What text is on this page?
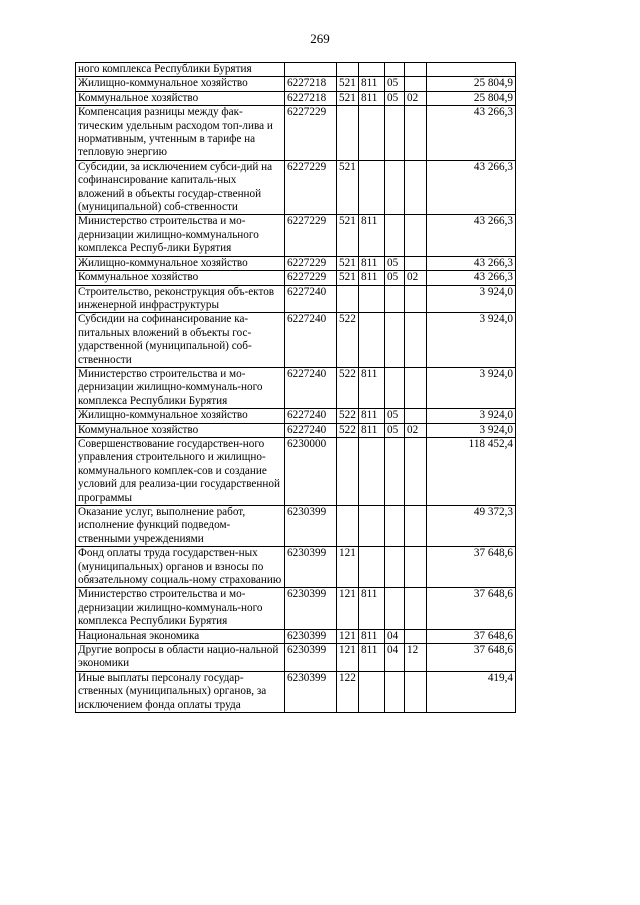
269
ного комплекса Республики Бурятия						
Жилищно-коммунальное хозяйство	6227218	521	811	05		25 804,9
Коммунальное хозяйство	6227218	521	811	05	02	25 804,9
Компенсация разницы между фак-тическим удельным расходом топ-лива и нормативным, учтенным в тарифе на тепловую энергию	6227229					43 266,3
Субсидии, за исключением субси-дий на софинансирование капиталь-ных вложений в объекты государ-ственной (муниципальной) соб-ственности	6227229	521				43 266,3
Министерство строительства и мо-дернизации жилищно-коммунального комплекса Респуб-лики Бурятия	6227229	521	811			43 266,3
Жилищно-коммунальное хозяйство	6227229	521	811	05		43 266,3
Коммунальное хозяйство	6227229	521	811	05	02	43 266,3
Строительство, реконструкция объ-ектов инженерной инфраструктуры	6227240					3 924,0
Субсидии на софинансирование ка-питальных вложений в объекты гос-ударственной (муниципальной) соб-ственности	6227240	522				3 924,0
Министерство строительства и мо-дернизации жилищно-коммуналь-ного комплекса Республики Бурятия	6227240	522	811			3 924,0
Жилищно-коммунальное хозяйство	6227240	522	811	05		3 924,0
Коммунальное хозяйство	6227240	522	811	05	02	3 924,0
Совершенствование государствен-ного управления строительного и жилищно-коммунального комплек-сов и создание условий для реализа-ции государственной программы	6230000					118 452,4
Оказание услуг, выполнение работ, исполнение функций подведом-ственными учреждениями	6230399					49 372,3
Фонд оплаты труда государствен-ных (муниципальных) органов и взносы по обязательному социаль-ному страхованию	6230399	121				37 648,6
Министерство строительства и мо-дернизации жилищно-коммуналь-ного комплекса Республики Бурятия	6230399	121	811			37 648,6
Национальная экономика	6230399	121	811	04		37 648,6
Другие вопросы в области нацио-нальной экономики	6230399	121	811	04	12	37 648,6
Иные выплаты персоналу государ-ственных (муниципальных) органов, за исключением фонда оплаты труда	6230399	122				419,4
